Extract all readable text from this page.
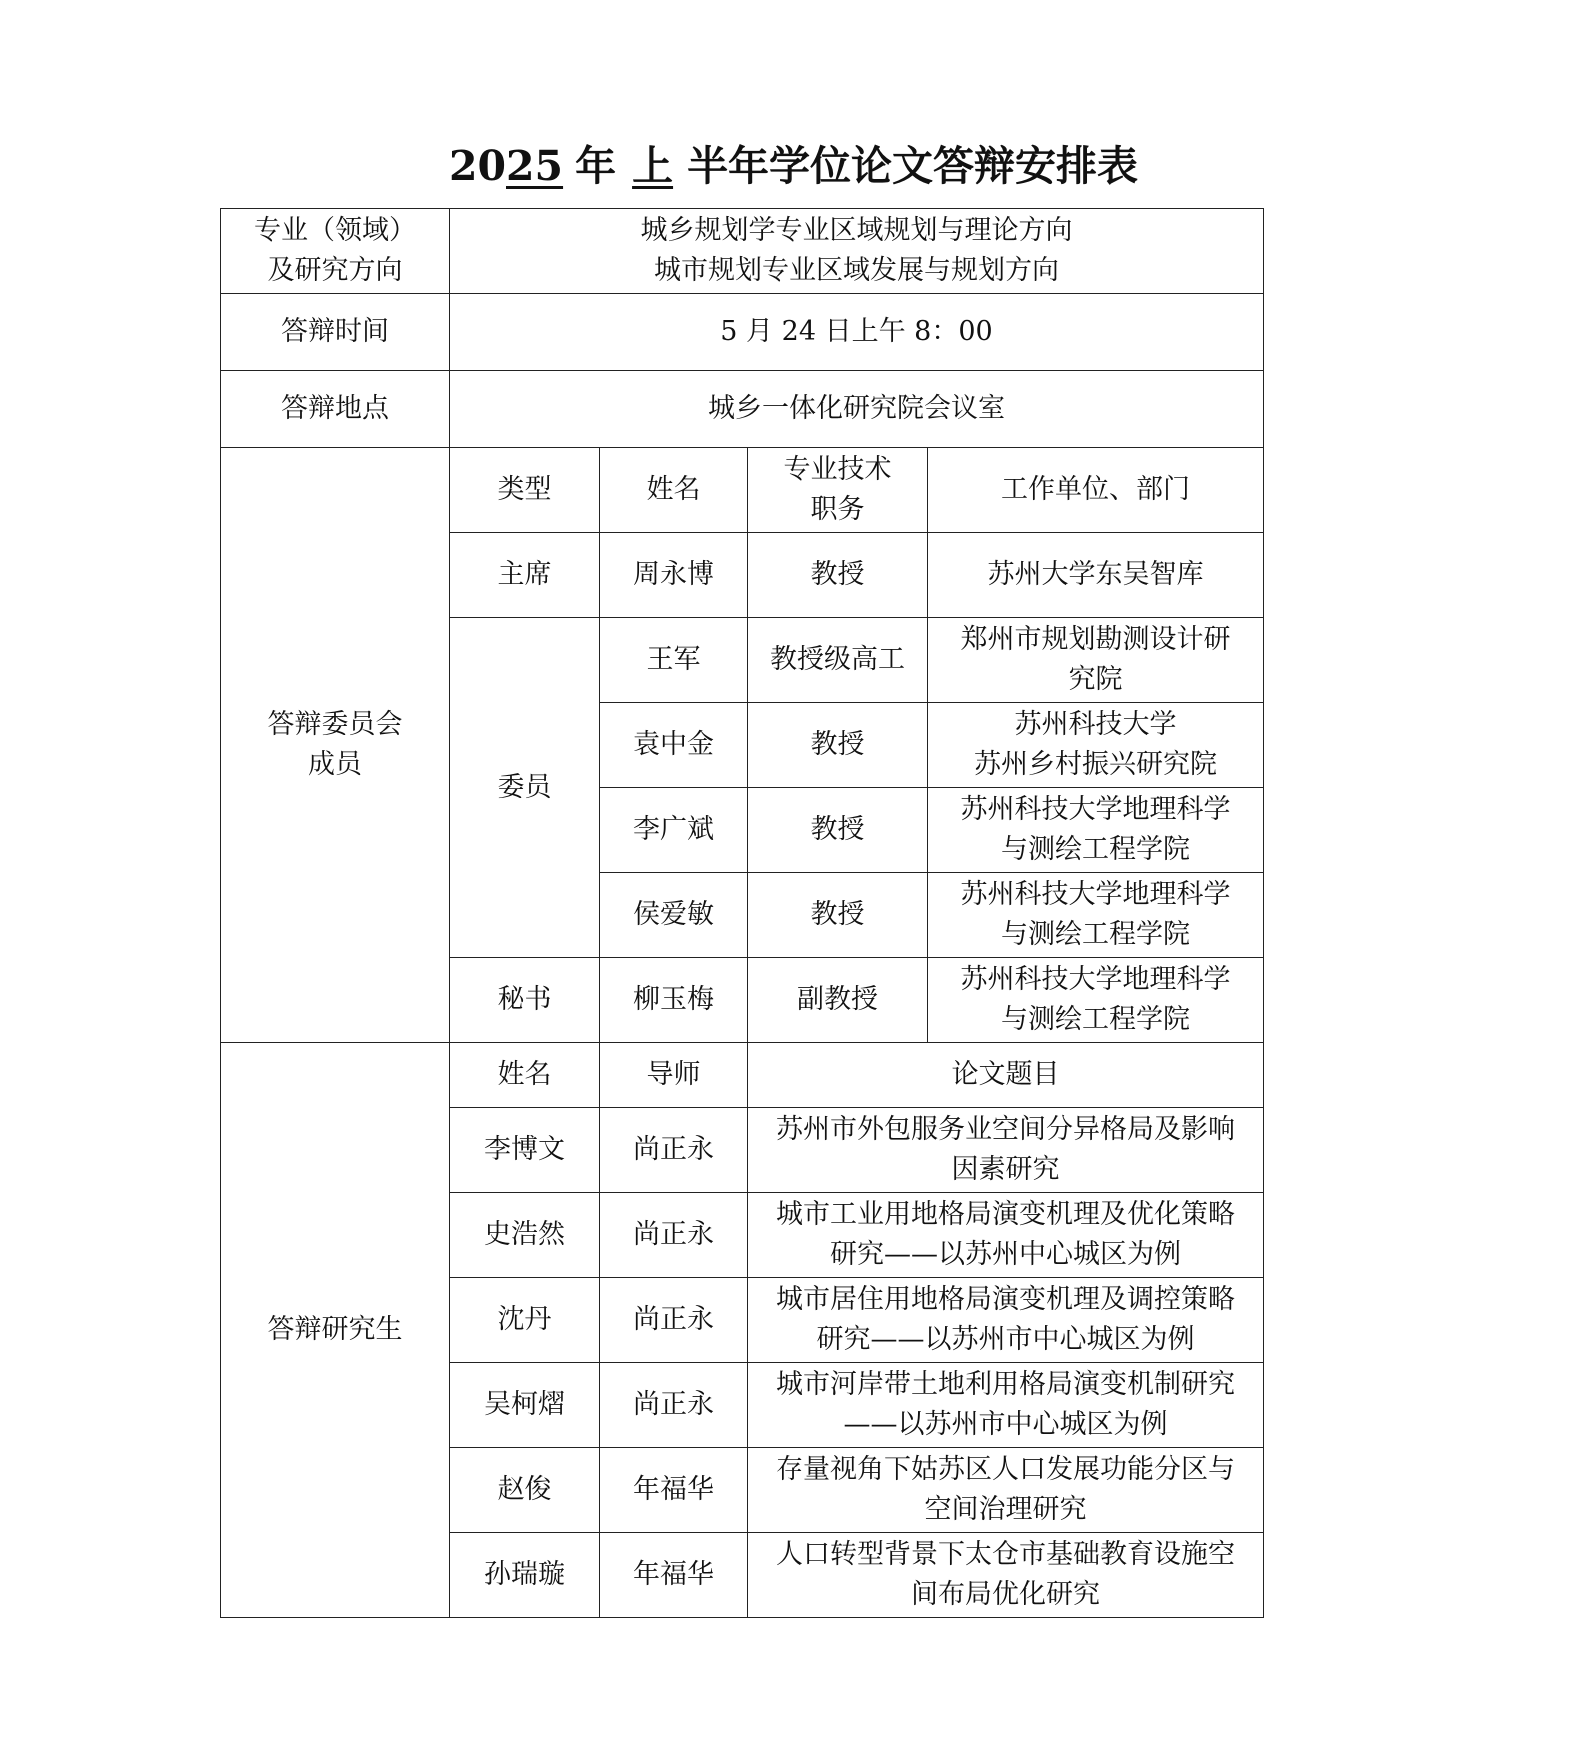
2025 年 上 半年学位论文答辩安排表
专业（领域）
及研究方向	城乡规划学专业区域规划与理论方向
城市规划专业区域发展与规划方向			
答辩时间	5 月 24 日上午 8：00			
答辩地点	城乡一体化研究院会议室			
答辩委员会
成员	类型	姓名	专业技术
职务	工作单位、部门
	主席	周永博	教授	苏州大学东吴智库
	委员	王军	教授级高工	郑州市规划勘测设计研
究院
		袁中金	教授	苏州科技大学
苏州乡村振兴研究院
		李广斌	教授	苏州科技大学地理科学
与测绘工程学院
		侯爱敏	教授	苏州科技大学地理科学
与测绘工程学院
	秘书	柳玉梅	副教授	苏州科技大学地理科学
与测绘工程学院
答辩研究生	姓名	导师	论文题目	
	李博文	尚正永	苏州市外包服务业空间分异格局及影响
因素研究	
	史浩然	尚正永	城市工业用地格局演变机理及优化策略
研究——以苏州中心城区为例	
	沈丹	尚正永	城市居住用地格局演变机理及调控策略
研究——以苏州市中心城区为例	
	吴柯熠	尚正永	城市河岸带土地利用格局演变机制研究
——以苏州市中心城区为例	
	赵俊	年福华	存量视角下姑苏区人口发展功能分区与
空间治理研究	
	孙瑞璇	年福华	人口转型背景下太仓市基础教育设施空
间布局优化研究	
